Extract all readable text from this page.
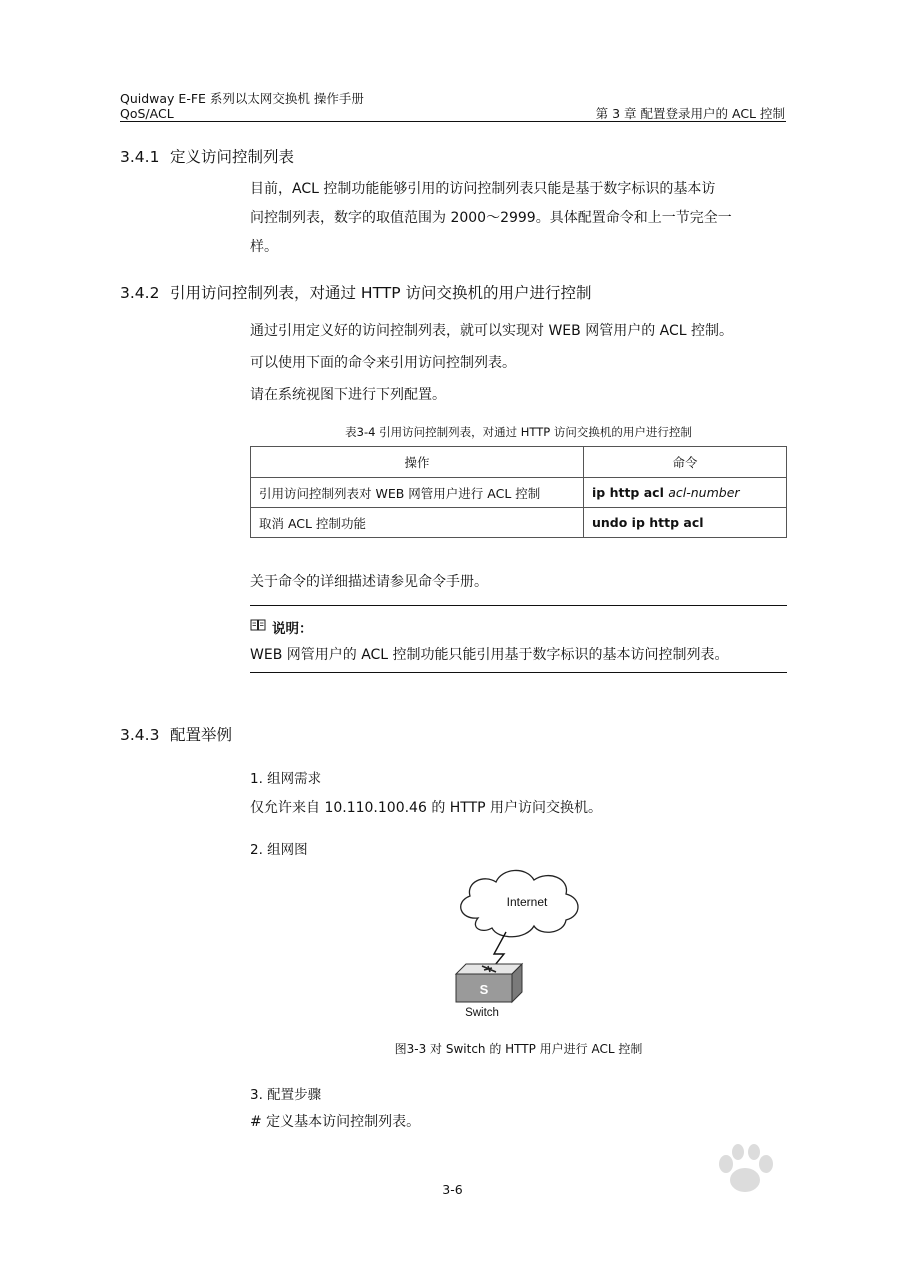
Quidway E-FE 系列以太网交换机 操作手册
QoS/ACL	第 3 章 配置登录用户的 ACL 控制
3.4.1 定义访问控制列表
目前，ACL 控制功能能够引用的访问控制列表只能是基于数字标识的基本访
问控制列表，数字的取值范围为 2000～2999。具体配置命令和上一节完全一
样。
3.4.2 引用访问控制列表，对通过 HTTP 访问交换机的用户进行控制
通过引用定义好的访问控制列表，就可以实现对 WEB 网管用户的 ACL 控制。
可以使用下面的命令来引用访问控制列表。
请在系统视图下进行下列配置。
表3-4 引用访问控制列表，对通过 HTTP 访问交换机的用户进行控制
操作	命令
引用访问控制列表对 WEB 网管用户进行 ACL 控制	ip http acl acl-number
取消 ACL 控制功能	undo ip http acl
关于命令的详细描述请参见命令手册。
说明：
WEB 网管用户的 ACL 控制功能只能引用基于数字标识的基本访问控制列表。
3.4.3 配置举例
1. 组网需求
仅允许来自 10.110.100.46 的 HTTP 用户访问交换机。
2. 组网图
Internet
S
Switch
图3-3 对 Switch 的 HTTP 用户进行 ACL 控制
3. 配置步骤
# 定义基本访问控制列表。
3-6
